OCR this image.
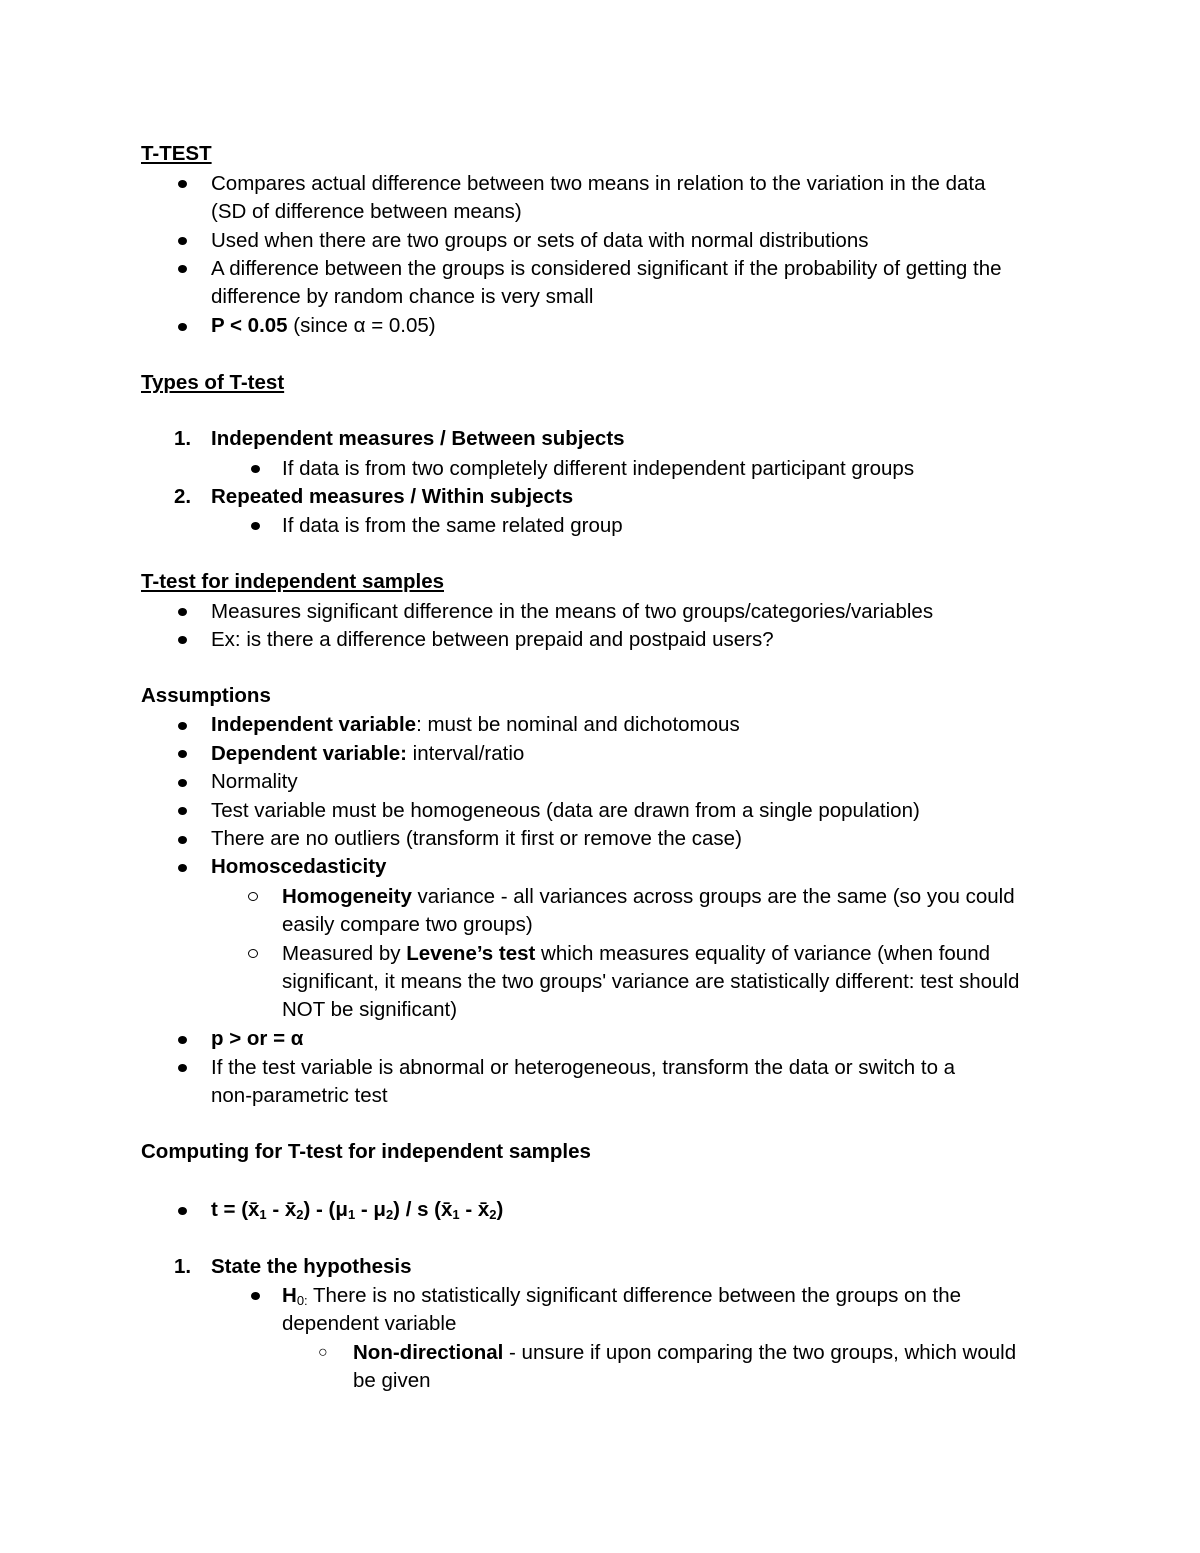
T-TEST
Compares actual difference between two means in relation to the variation in the data
(SD of difference between means)
Used when there are two groups or sets of data with normal distributions
A difference between the groups is considered significant if the probability of getting the
difference by random chance is very small
P < 0.05 (since α = 0.05)
Types of T-test
1. Independent measures / Between subjects
If data is from two completely different independent participant groups
2. Repeated measures / Within subjects
If data is from the same related group
T-test for independent samples
Measures significant difference in the means of two groups/categories/variables
Ex: is there a difference between prepaid and postpaid users?
Assumptions
Independent variable: must be nominal and dichotomous
Dependent variable: interval/ratio
Normality
Test variable must be homogeneous (data are drawn from a single population)
There are no outliers (transform it first or remove the case)
Homoscedasticity
Homogeneity variance - all variances across groups are the same (so you could
easily compare two groups)
Measured by Levene’s test which measures equality of variance (when found
significant, it means the two groups' variance are statistically different: test should
NOT be significant)
p > or = α
If the test variable is abnormal or heterogeneous, transform the data or switch to a
non-parametric test
Computing for T-test for independent samples
$t = (x̄_1$ - $x̄_2) - (\mu_1 - \mu_2)$ / s ($x̄_1$ - $x̄_2$)
1. State the hypothesis
$H_{0:}$ There is no statistically significant difference between the groups on the
dependent variable
○ Non-directional - unsure if upon comparing the two groups, which would
be given
